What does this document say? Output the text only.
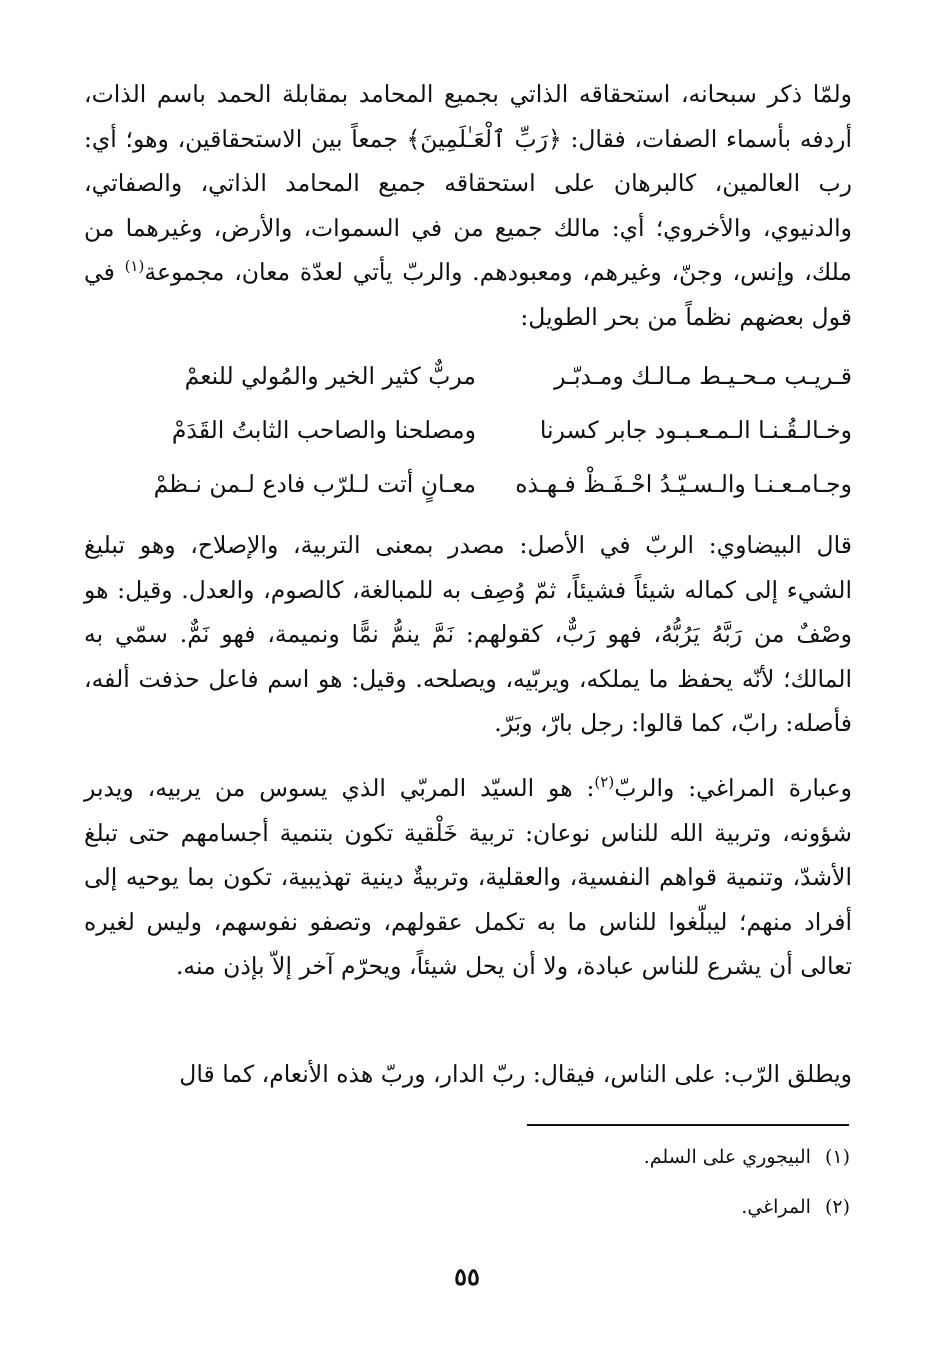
ولمّا ذكر سبحانه، استحقاقه الذاتي بجميع المحامد بمقابلة الحمد باسم الذات، أردفه بأسماء الصفات، فقال: ﴿رَبِّ ٱلْعَـٰلَمِينَ﴾ جمعاً بين الاستحقاقين، وهو؛ أي: رب العالمين، كالبرهان على استحقاقه جميع المحامد الذاتي، والصفاتي، والدنيوي، والأخروي؛ أي: مالك جميع من في السموات، والأرض، وغيرهما من ملك، وإنس، وجنّ، وغيرهم، ومعبودهم. والربّ يأتي لعدّة معان، مجموعة$^{(١)}$ في قول بعضهم نظماً من بحر الطويل:
قـريـب مـحـيـط مـالـك ومـدبّـر
مربٌّ كثير الخير والمُولي للنعمْ
وخـالـقُـنـا الـمـعـبـود جابر كسرنا
ومصلحنا والصاحب الثابتُ القَدَمْ
وجـامـعـنـا والـسـيّـدُ احْـفَـظْ فـهـذه
معـانٍ أتت لـلرّب فادع لـمن نـظمْ
قال البيضاوي: الربّ في الأصل: مصدر بمعنى التربية، والإصلاح، وهو تبليغ الشيء إلى كماله شيئاً فشيئاً، ثمّ وُصِف به للمبالغة، كالصوم، والعدل. وقيل: هو وصْفٌ من رَبَّهُ يَرُبُّهُ، فهو رَبٌّ، كقولهم: نَمَّ ينمُّ نمًّا ونميمة، فهو نَمٌّ. سمّي به المالك؛ لأنّه يحفظ ما يملكه، ويربّيه، ويصلحه. وقيل: هو اسم فاعل حذفت ألفه، فأصله: رابّ، كما قالوا: رجل بارّ، وبَرّ.
وعبارة المراغي: والربّ$^{(٢)}$: هو السيّد المربّي الذي يسوس من يربيه، ويدبر شؤونه، وتربية الله للناس نوعان: تربية خَلْقية تكون بتنمية أجسامهم حتى تبلغ الأشدّ، وتنمية قواهم النفسية، والعقلية، وتربيةٌ دينية تهذيبية، تكون بما يوحيه إلى أفراد منهم؛ ليبلّغوا للناس ما به تكمل عقولهم، وتصفو نفوسهم، وليس لغيره تعالى أن يشرع للناس عبادة، ولا أن يحل شيئاً، ويحرّم آخر إلاّ بإذن منه.
ويطلق الرّب: على الناس، فيقال: ربّ الدار، وربّ هذه الأنعام، كما قال
(١)البيجوري على السلم.
(٢)المراغي.
٥٥
